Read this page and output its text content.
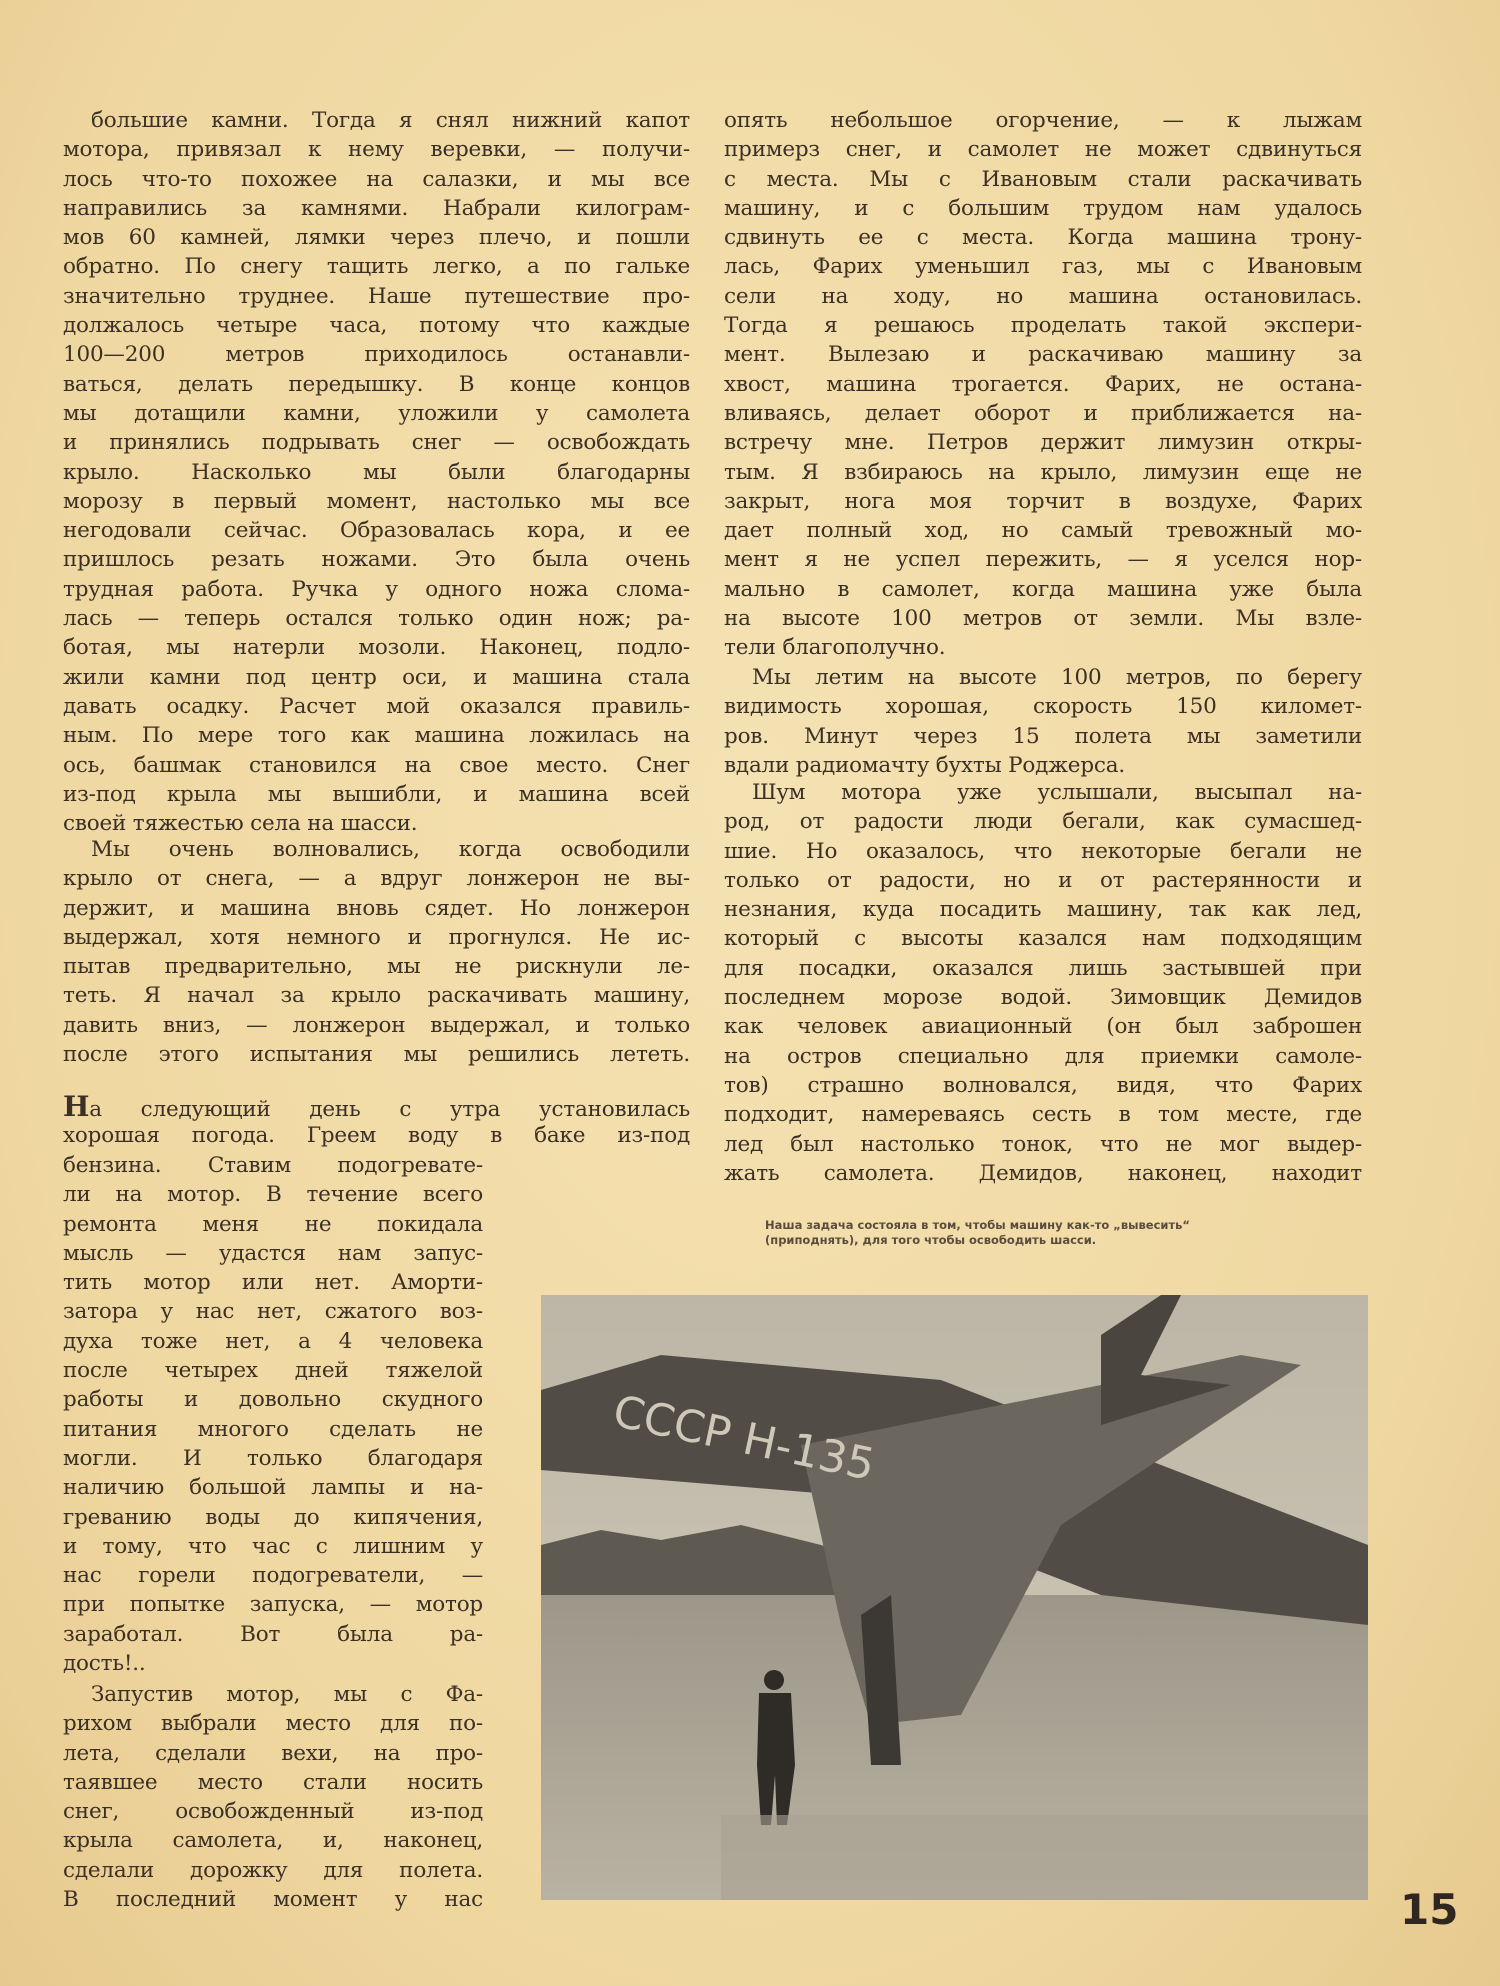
большие камни. Тогда я снял нижний капот
мотора, привязал к нему веревки, — получи-
лось что-то похожее на салазки, и мы все
направились за камнями. Набрали килограм-
мов 60 камней, лямки через плечо, и пошли
обратно. По снегу тащить легко, а по гальке
значительно труднее. Наше путешествие про-
должалось четыре часа, потому что каждые
100—200 метров приходилось останавли-
ваться, делать передышку. В конце концов
мы дотащили камни, уложили у самолета
и принялись подрывать снег — освобождать
крыло. Насколько мы были благодарны
морозу в первый момент, настолько мы все
негодовали сейчас. Образовалась кора, и ее
пришлось резать ножами. Это была очень
трудная работа. Ручка у одного ножа слома-
лась — теперь остался только один нож; ра-
ботая, мы натерли мозоли. Наконец, подло-
жили камни под центр оси, и машина стала
давать осадку. Расчет мой оказался правиль-
ным. По мере того как машина ложилась на
ось, башмак становился на свое место. Снег
из-под крыла мы вышибли, и машина всей
своей тяжестью села на шасси.
Мы очень волновались, когда освободили
крыло от снега, — а вдруг лонжерон не вы-
держит, и машина вновь сядет. Но лонжерон
выдержал, хотя немного и прогнулся. Не ис-
пытав предварительно, мы не рискнули ле-
теть. Я начал за крыло раскачивать машину,
давить вниз, — лонжерон выдержал, и только
после этого испытания мы решились лететь.
На следующий день с утра установилась
хорошая погода. Греем воду в баке из-под
бензина. Ставим подогревате-
ли на мотор. В течение всего
ремонта меня не покидала
мысль — удастся нам запус-
тить мотор или нет. Аморти-
затора у нас нет, сжатого воз-
духа тоже нет, а 4 человека
после четырех дней тяжелой
работы и довольно скудного
питания многого сделать не
могли. И только благодаря
наличию большой лампы и на-
греванию воды до кипячения,
и тому, что час с лишним у
нас горели подогреватели, —
при попытке запуска, — мотор
заработал. Вот была ра-
дость!..
Запустив мотор, мы с Фа-
рихом выбрали место для по-
лета, сделали вехи, на про-
таявшее место стали носить
снег, освобожденный из-под
крыла самолета, и, наконец,
сделали дорожку для полета.
В последний момент у нас
опять небольшое огорчение, — к лыжам
примерз снег, и самолет не может сдвинуться
с места. Мы с Ивановым стали раскачивать
машину, и с большим трудом нам удалось
сдвинуть ее с места. Когда машина трону-
лась, Фарих уменьшил газ, мы с Ивановым
сели на ходу, но машина остановилась.
Тогда я решаюсь проделать такой экспери-
мент. Вылезаю и раскачиваю машину за
хвост, машина трогается. Фарих, не остана-
вливаясь, делает оборот и приближается на-
встречу мне. Петров держит лимузин откры-
тым. Я взбираюсь на крыло, лимузин еще не
закрыт, нога моя торчит в воздухе, Фарих
дает полный ход, но самый тревожный мо-
мент я не успел пережить, — я уселся нор-
мально в самолет, когда машина уже была
на высоте 100 метров от земли. Мы взле-
тели благополучно.
Мы летим на высоте 100 метров, по берегу
видимость хорошая, скорость 150 километ-
ров. Минут через 15 полета мы заметили
вдали радиомачту бухты Роджерса.
Шум мотора уже услышали, высыпал на-
род, от радости люди бегали, как сумасшед-
шие. Но оказалось, что некоторые бегали не
только от радости, но и от растерянности и
незнания, куда посадить машину, так как лед,
который с высоты казался нам подходящим
для посадки, оказался лишь застывшей при
последнем морозе водой. Зимовщик Демидов
как человек авиационный (он был заброшен
на остров специально для приемки самоле-
тов) страшно волновался, видя, что Фарих
подходит, намереваясь сесть в том месте, где
лед был настолько тонок, что не мог выдер-
жать самолета. Демидов, наконец, находит
Наша задача состояла в том, чтобы машину как-то „вывесить“
(приподнять), для того чтобы освободить шасси.
СССР Н-135
15
